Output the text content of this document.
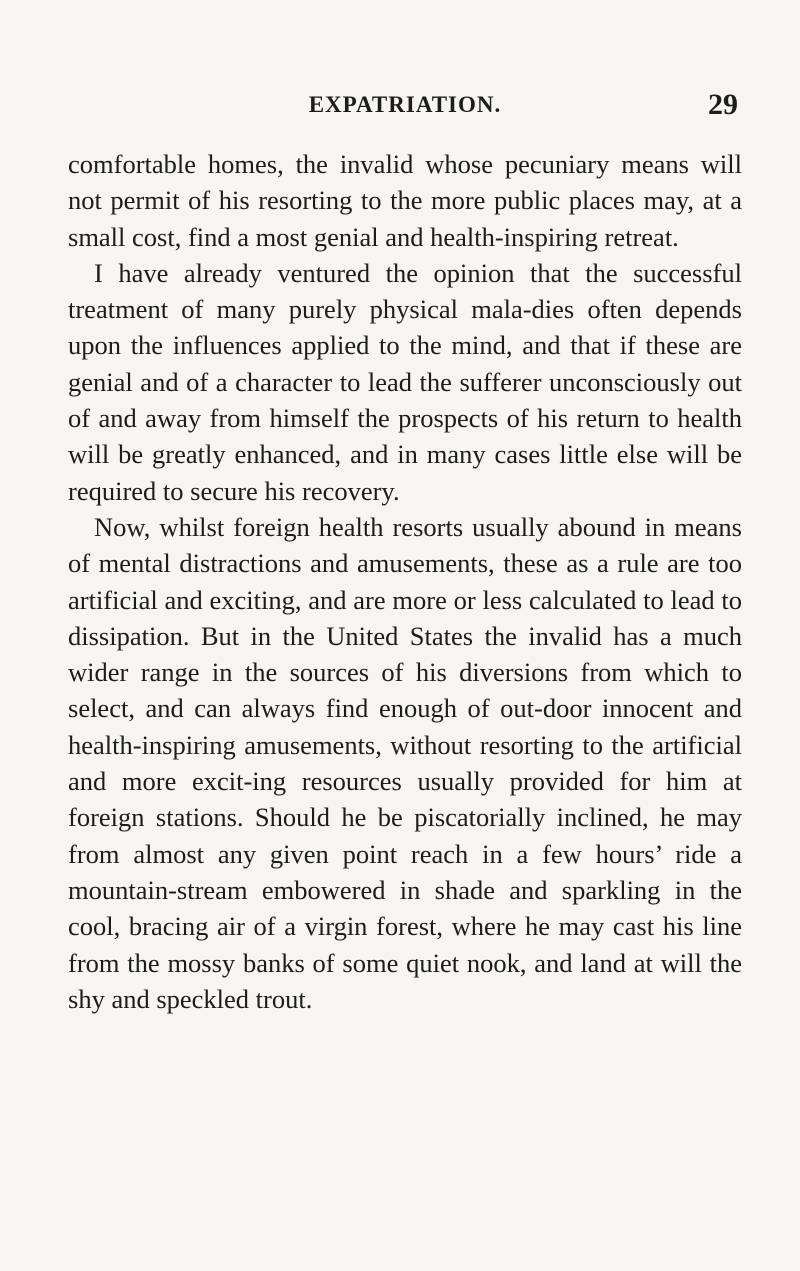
EXPATRIATION.	29

comfortable homes, the invalid whose pecuniary means will not permit of his resorting to the more public places may, at a small cost, find a most genial and health-inspiring retreat.

I have already ventured the opinion that the successful treatment of many purely physical mala-dies often depends upon the influences applied to the mind, and that if these are genial and of a character to lead the sufferer unconsciously out of and away from himself the prospects of his return to health will be greatly enhanced, and in many cases little else will be required to secure his recovery.

Now, whilst foreign health resorts usually abound in means of mental distractions and amusements, these as a rule are too artificial and exciting, and are more or less calculated to lead to dissipation. But in the United States the invalid has a much wider range in the sources of his diversions from which to select, and can always find enough of out-door innocent and health-inspiring amusements, without resorting to the artificial and more excit-ing resources usually provided for him at foreign stations. Should he be piscatorially inclined, he may from almost any given point reach in a few hours’ ride a mountain-stream embowered in shade and sparkling in the cool, bracing air of a virgin forest, where he may cast his line from the mossy banks of some quiet nook, and land at will the shy and speckled trout.
